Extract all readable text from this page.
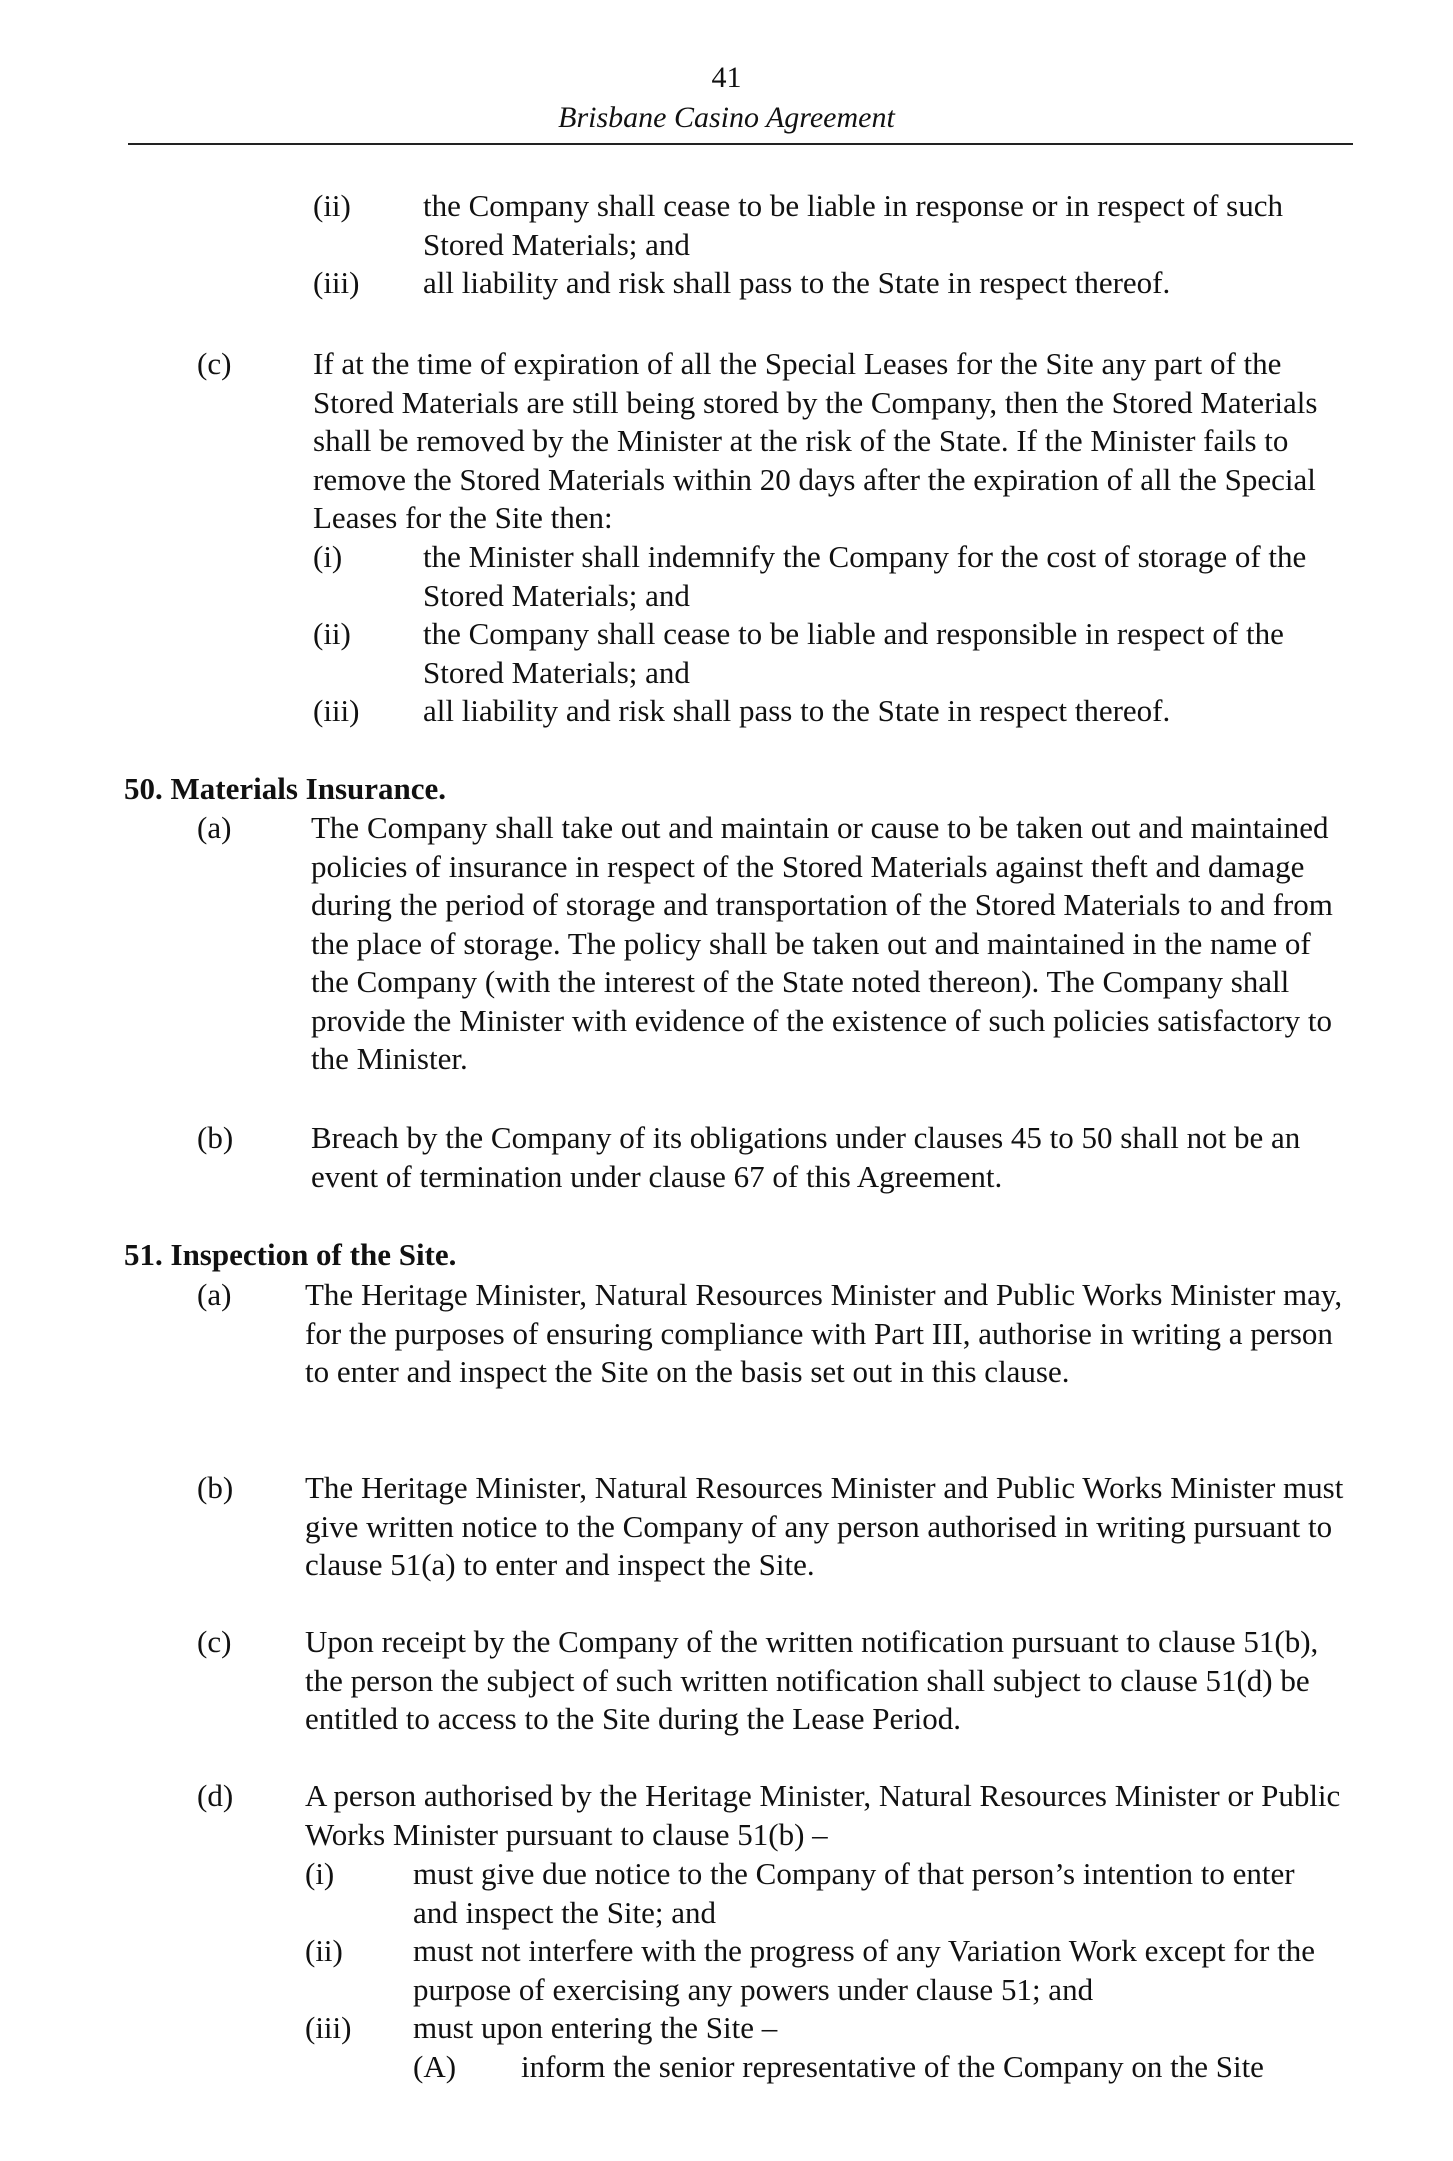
41
Brisbane Casino Agreement
(ii) the Company shall cease to be liable in response or in respect of such Stored Materials; and
(iii) all liability and risk shall pass to the State in respect thereof.
(c)	If at the time of expiration of all the Special Leases for the Site any part of the Stored Materials are still being stored by the Company, then the Stored Materials shall be removed by the Minister at the risk of the State. If the Minister fails to remove the Stored Materials within 20 days after the expiration of all the Special Leases for the Site then:
(i)	the Minister shall indemnify the Company for the cost of storage of the Stored Materials; and
(ii) the Company shall cease to be liable and responsible in respect of the Stored Materials; and
(iii) all liability and risk shall pass to the State in respect thereof.
50. Materials Insurance.
(a)	The Company shall take out and maintain or cause to be taken out and maintained policies of insurance in respect of the Stored Materials against theft and damage during the period of storage and transportation of the Stored Materials to and from the place of storage. The policy shall be taken out and maintained in the name of the Company (with the interest of the State noted thereon). The Company shall provide the Minister with evidence of the existence of such policies satisfactory to the Minister.
(b)	Breach by the Company of its obligations under clauses 45 to 50 shall not be an event of termination under clause 67 of this Agreement.
51. Inspection of the Site.
(a) The Heritage Minister, Natural Resources Minister and Public Works Minister may, for the purposes of ensuring compliance with Part III, authorise in writing a person to enter and inspect the Site on the basis set out in this clause.
(b) The Heritage Minister, Natural Resources Minister and Public Works Minister must give written notice to the Company of any person authorised in writing pursuant to clause 51(a) to enter and inspect the Site.
(c) Upon receipt by the Company of the written notification pursuant to clause 51(b), the person the subject of such written notification shall subject to clause 51(d) be entitled to access to the Site during the Lease Period.
(d) A person authorised by the Heritage Minister, Natural Resources Minister or Public Works Minister pursuant to clause 51(b) –
(i)	must give due notice to the Company of that person’s intention to enter and inspect the Site; and
(ii) must not interfere with the progress of any Variation Work except for the purpose of exercising any powers under clause 51; and
(iii) must upon entering the Site –
(A) inform the senior representative of the Company on the Site
